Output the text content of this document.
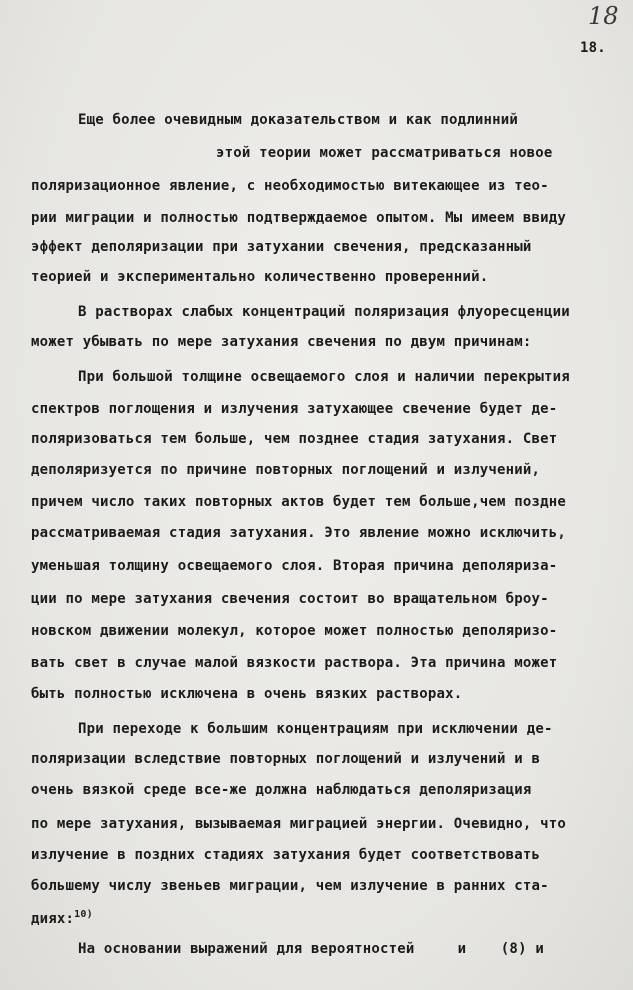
18
18.
Еще более очевидным доказательством и как подлинний
этой теории может рассматриваться новое
поляризационное явление, с необходимостью витекающее из тео-
рии миграции и полностью подтверждаемое опытом. Мы имеем ввиду
эффект деполяризации при затухании свечения, предсказанный
теорией и экспериментально количественно проверенний.
В растворах слабых концентраций поляризация флуоресценции
может убывать по мере затухания свечения по двум причинам:
При большой толщине освещаемого слоя и наличии перекрытия
спектров поглощения и излучения затухающее свечение будет де-
поляризоваться тем больше, чем позднее стадия затухания. Свет
деполяризуется по причине повторных поглощений и излучений,
причем число таких повторных актов будет тем больше,чем поздне
рассматриваемая стадия затухания. Это явление можно исключить,
уменьшая толщину освещаемого слоя. Вторая причина деполяриза-
ции по мере затухания свечения состоит во вращательном броу-
новском движении молекул, которое может полностью деполяризо-
вать свет в случае малой вязкости раствора. Эта причина может
быть полностью исключена в очень вязких растворах.
При переходе к большим концентрациям при исключении де-
поляризации вследствие повторных поглощений и излучений и в
очень вязкой среде все-же должна наблюдаться деполяризация
по мере затухания, вызываемая миграцией энергии. Очевидно, что
излучение в поздних стадиях затухания будет соответствовать
большему числу звеньев миграции, чем излучение в ранних ста-
диях:$^{10)}$
На основании выражений для вероятностей     и    (8) и
